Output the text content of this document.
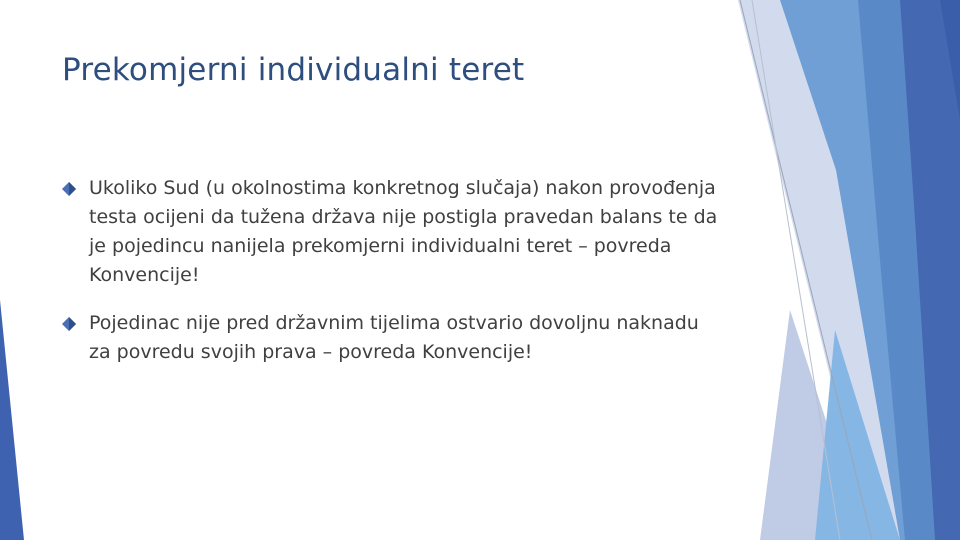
Prekomjerni individualni teret
Ukoliko Sud (u okolnostima konkretnog slučaja) nakon provođenja testa ocijeni da tužena država nije postigla pravedan balans te da je pojedincu nanijela prekomjerni individualni teret – povreda Konvencije!
Pojedinac nije pred državnim tijelima ostvario dovoljnu naknadu za povredu svojih prava – povreda Konvencije!
